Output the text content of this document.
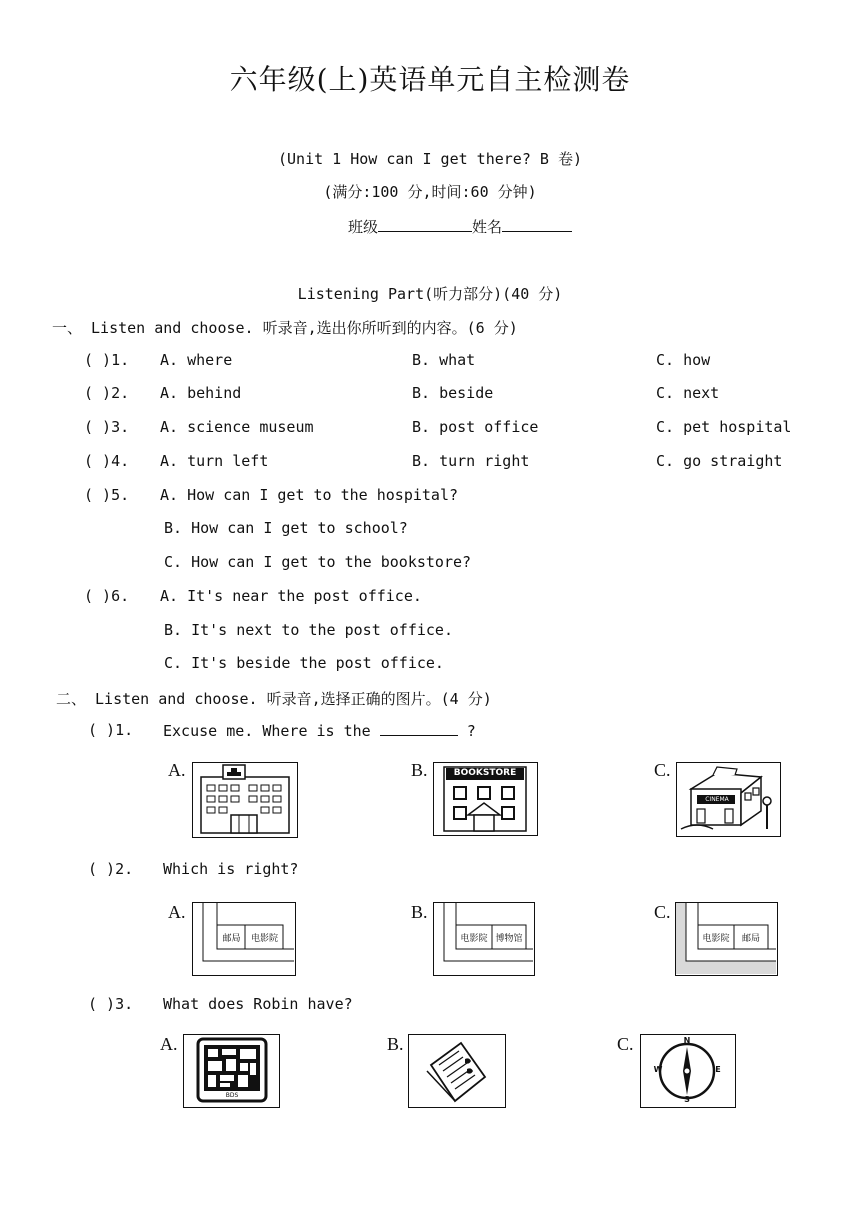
六年级(上)英语单元自主检测卷
(Unit 1 How can I get there? B 卷)
(满分:100 分,时间:60 分钟)
班级	姓名
Listening Part(听力部分)(40 分)
一、 Listen and choose. 听录音,选出你所听到的内容。(6 分)
( )1. A. where	B. what	C. how
( )2. A. behind	B. beside	C. next
( )3. A. science museum	B. post office	C. pet hospital
( )4. A. turn left	B. turn right	C. go straight
( )5. A. How can I get to the hospital?
B. How can I get to school?
C. How can I get to the bookstore?
( )6. A. It's near the post office.
B. It's next to the post office.
C. It's beside the post office.
二、 Listen and choose. 听录音,选择正确的图片。(4 分)
( )1. Excuse me. Where is the	?
A.	B.	BOOKSTORE	C.
CINEMA
( )2. Which is right?
A.
邮局	电影院
B.
电影院 博物馆
C.
电影院	邮局
( )3. What does Robin have?
A.
BDS
B.	C.	N
S
W	E
